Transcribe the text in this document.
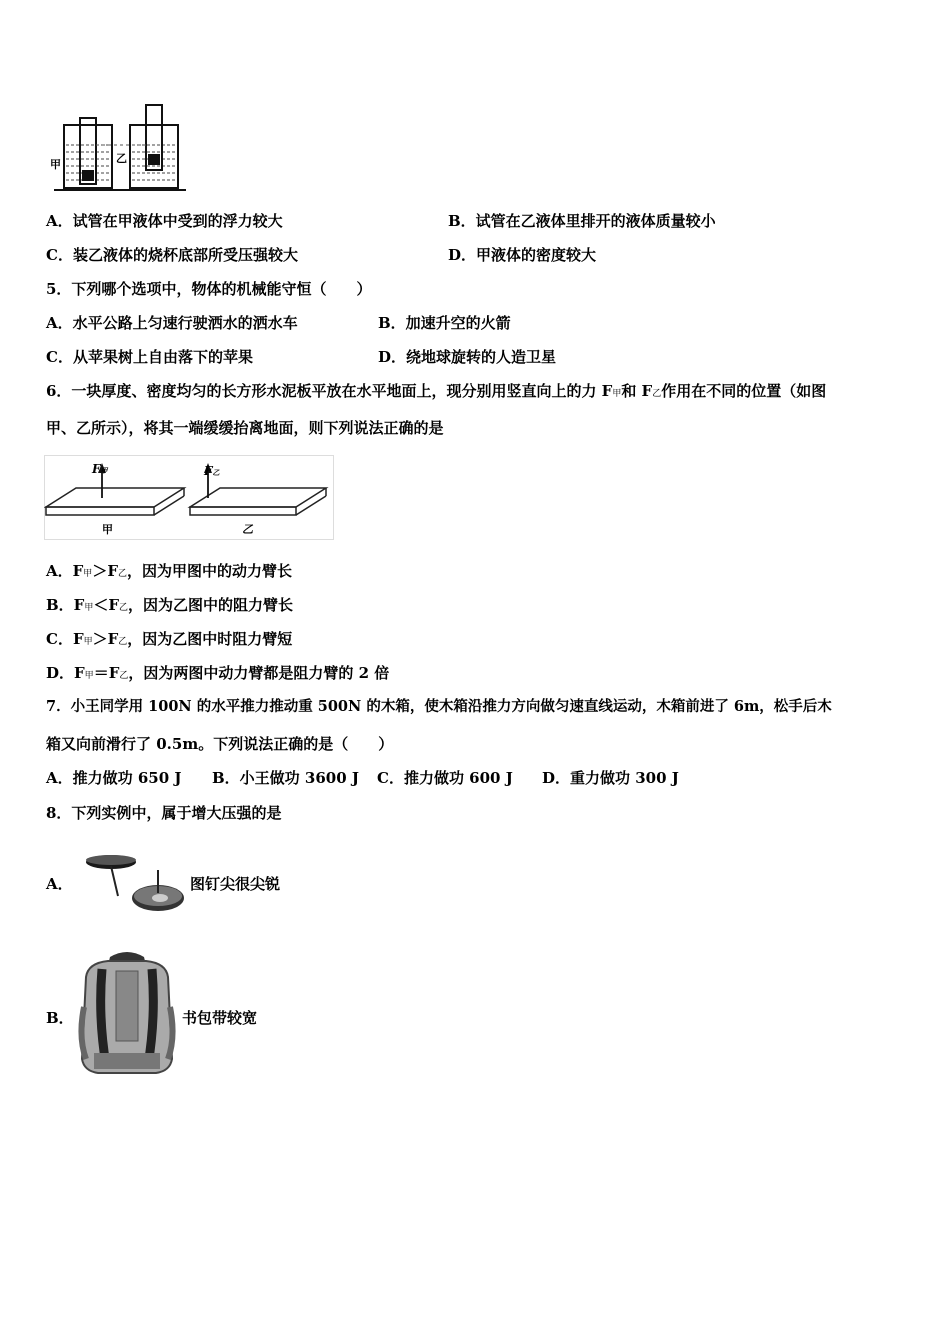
甲	乙
A．试管在甲液体中受到的浮力较大	B．试管在乙液体里排开的液体质量较小
C．装乙液体的烧杯底部所受压强较大	D．甲液体的密度较大
5．下列哪个选项中，物体的机械能守恒（　　）
A．水平公路上匀速行驶洒水的洒水车	B．加速升空的火箭
C．从苹果树上自由落下的苹果	D．绕地球旋转的人造卫星
6．一块厚度、密度均匀的长方形水泥板平放在水平地面上，现分别用竖直向上的力 F甲和 F乙作用在不同的位置（如图
甲、乙所示），将其一端缓缓抬离地面，则下列说法正确的是
F甲
甲
F乙
乙
A．F甲＞F乙，因为甲图中的动力臂长
B．F甲＜F乙，因为乙图中的阻力臂长
C．F甲＞F乙，因为乙图中时阻力臂短
D．F甲＝F乙，因为两图中动力臂都是阻力臂的 2 倍
7．小王同学用 100N 的水平推力推动重 500N 的木箱，使木箱沿推力方向做匀速直线运动，木箱前进了 6m，松手后木
箱又向前滑行了 0.5m。下列说法正确的是（　　）
A．推力做功 650 J B．小王做功 3600 J C．推力做功 600 J D．重力做功 300 J
8．下列实例中，属于增大压强的是
A．	图钉尖很尖锐
B．	书包带较宽
